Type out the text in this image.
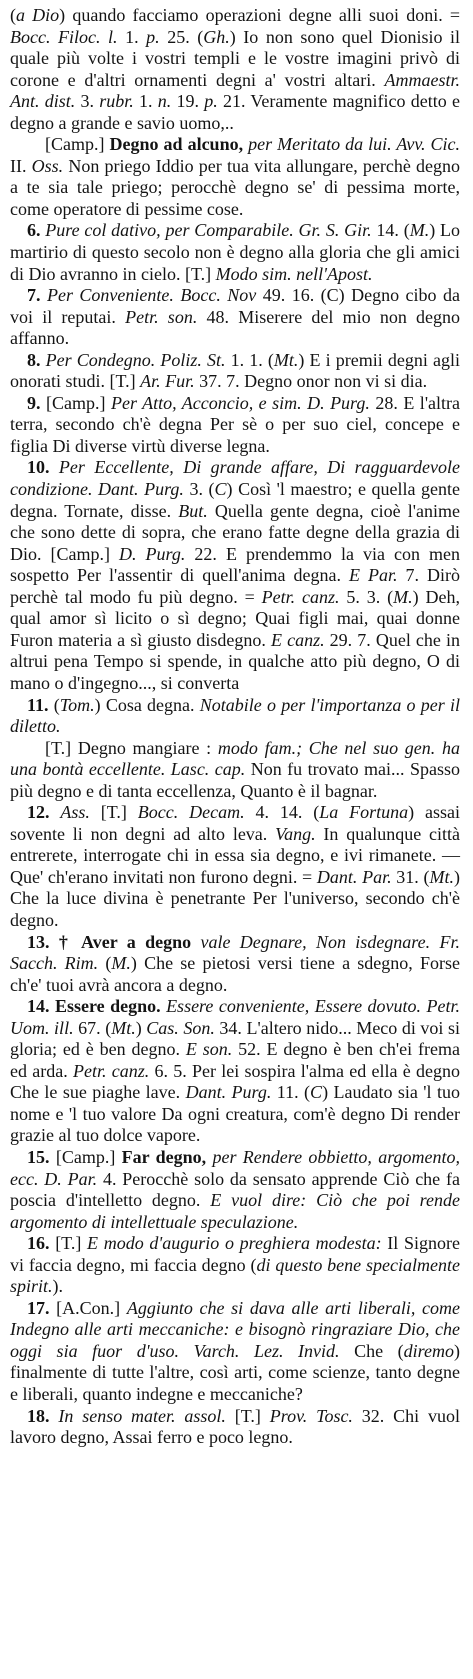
(a Dio) quando facciamo operazioni degne alli suoi doni. = Bocc. Filoc. l. 1. p. 25. (Gh.) Io non sono quel Dionisio il quale più volte i vostri templi e le vostre imagini privò di corone e d'altri ornamenti degni a' vostri altari. Ammaestr. Ant. dist. 3. rubr. 1. n. 19. p. 21. Veramente magnifico detto e degno a grande e savio uomo,..

[Camp.] Degno ad alcuno, per Meritato da lui. Avv. Cic. II. Oss. Non priego Iddio per tua vita allungare, perchè degno a te sia tale priego; perocchè degno se' di pessima morte, come operatore di pessime cose.

6. Pure col dativo, per Comparabile. Gr. S. Gir. 14. (M.) Lo martirio di questo secolo non è degno alla gloria che gli amici di Dio avranno in cielo. [T.] Modo sim. nell'Apost.

7. Per Conveniente. Bocc. Nov 49. 16. (C) Degno cibo da voi il reputai. Petr. son. 48. Miserere del mio non degno affanno.

8. Per Condegno. Poliz. St. 1. 1. (Mt.) E i premii degni agli onorati studi. [T.] Ar. Fur. 37. 7. Degno onor non vi si dia.

9. [Camp.] Per Atto, Acconcio, e sim. D. Purg. 28. E l'altra terra, secondo ch'è degna Per sè o per suo ciel, concepe e figlia Di diverse virtù diverse legna.

10. Per Eccellente, Di grande affare, Di ragguardevole condizione. Dant. Purg. 3. (C) Così 'l maestro; e quella gente degna. Tornate, disse. But. Quella gente degna, cioè l'anime che sono dette di sopra, che erano fatte degne della grazia di Dio. [Camp.] D. Purg. 22. E prendemmo la via con men sospetto Per l'assentir di quell'anima degna. E Par. 7. Dirò perchè tal modo fu più degno. = Petr. canz. 5. 3. (M.) Deh, qual amor sì licito o sì degno; Quai figli mai, quai donne Furon materia a sì giusto disdegno. E canz. 29. 7. Quel che in altrui pena Tempo si spende, in qualche atto più degno, O di mano o d'ingegno..., si converta

11. (Tom.) Cosa degna. Notabile o per l'importanza o per il diletto.

[T.] Degno mangiare : modo fam.; Che nel suo gen. ha una bontà eccellente. Lasc. cap. Non fu trovato mai... Spasso più degno e di tanta eccellenza, Quanto è il bagnar.

12. Ass. [T.] Bocc. Decam. 4. 14. (La Fortuna) assai sovente li non degni ad alto leva. Vang. In qualunque città entrerete, interrogate chi in essa sia degno, e ivi rimanete. — Que' ch'erano invitati non furono degni. = Dant. Par. 31. (Mt.) Che la luce divina è penetrante Per l'universo, secondo ch'è degno.

13. † Aver a degno vale Degnare, Non isdegnare. Fr. Sacch. Rim. (M.) Che se pietosi versi tiene a sdegno, Forse ch'e' tuoi avrà ancora a degno.

14. Essere degno. Essere conveniente, Essere dovuto. Petr. Uom. ill. 67. (Mt.) Cas. Son. 34. L'altero nido... Meco di voi si gloria; ed è ben degno. E son. 52. E degno è ben ch'ei frema ed arda. Petr. canz. 6. 5. Per lei sospira l'alma ed ella è degno Che le sue piaghe lave. Dant. Purg. 11. (C) Laudato sia 'l tuo nome e 'l tuo valore Da ogni creatura, com'è degno Di render grazie al tuo dolce vapore.

15. [Camp.] Far degno, per Rendere obbietto, argomento, ecc. D. Par. 4. Perocchè solo da sensato apprende Ciò che fa poscia d'intelletto degno. E vuol dire: Ciò che poi rende argomento di intellettuale speculazione.

16. [T.] E modo d'augurio o preghiera modesta: Il Signore vi faccia degno, mi faccia degno (di questo bene specialmente spirit.).

17. [A.Con.] Aggiunto che si dava alle arti liberali, come Indegno alle arti meccaniche: e bisognò ringraziare Dio, che oggi sia fuor d'uso. Varch. Lez. Invid. Che (diremo) finalmente di tutte l'altre, così arti, come scienze, tanto degne e liberali, quanto indegne e meccaniche?

18. In senso mater. assol. [T.] Prov. Tosc. 32. Chi vuol lavoro degno, Assai ferro e poco legno.
